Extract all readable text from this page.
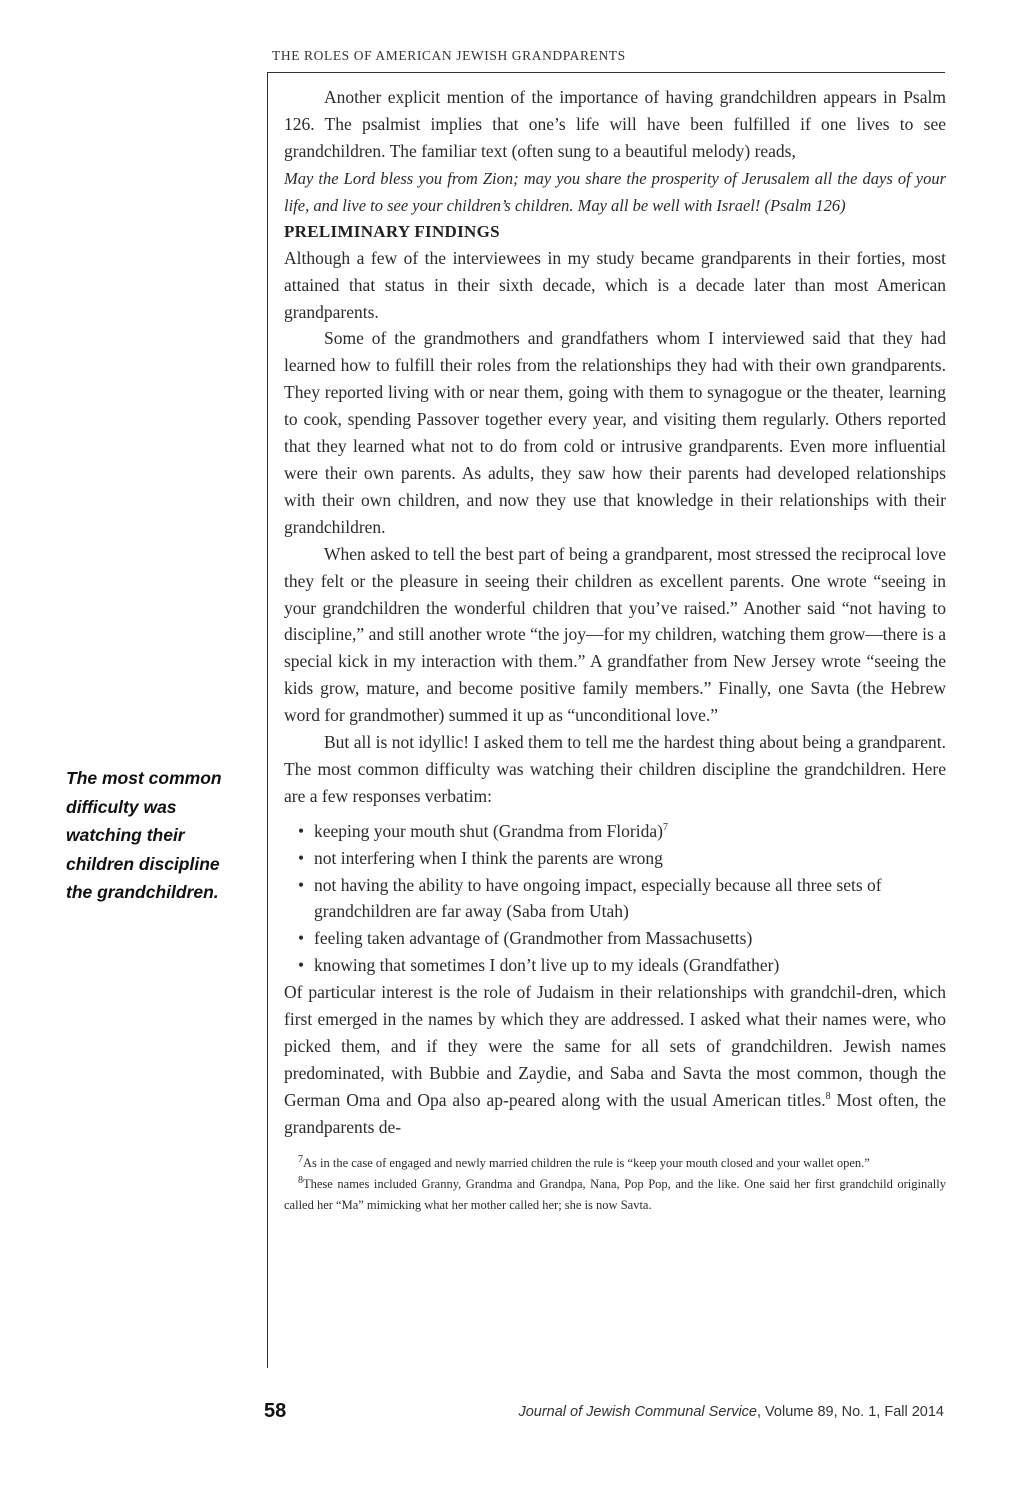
THE ROLES OF AMERICAN JEWISH GRANDPARENTS
The most common difficulty was watching their children discipline the grandchildren.

Another explicit mention of the importance of having grandchildren appears in Psalm 126. The psalmist implies that one’s life will have been fulfilled if one lives to see grandchildren. The familiar text (often sung to a beautiful melody) reads,

May the Lord bless you from Zion; may you share the prosperity of Jerusalem all the days of your life, and live to see your children’s children. May all be well with Israel! (Psalm 126)

PRELIMINARY FINDINGS

Although a few of the interviewees in my study became grandparents in their forties, most attained that status in their sixth decade, which is a decade later than most American grandparents.

Some of the grandmothers and grandfathers whom I interviewed said that they had learned how to fulfill their roles from the relationships they had with their own grandparents. They reported living with or near them, going with them to synagogue or the theater, learning to cook, spending Passover together every year, and visiting them regularly. Others reported that they learned what not to do from cold or intrusive grandparents. Even more influential were their own parents. As adults, they saw how their parents had developed relationships with their own children, and now they use that knowledge in their relationships with their grandchildren.

When asked to tell the best part of being a grandparent, most stressed the reciprocal love they felt or the pleasure in seeing their children as excellent parents. One wrote “seeing in your grandchildren the wonderful children that you’ve raised.” Another said “not having to discipline,” and still another wrote “the joy—for my children, watching them grow—there is a special kick in my interaction with them.” A grandfather from New Jersey wrote “seeing the kids grow, mature, and become positive family members.” Finally, one Savta (the Hebrew word for grandmother) summed it up as “unconditional love.”

But all is not idyllic! I asked them to tell me the hardest thing about being a grandparent. The most common difficulty was watching their children discipline the grandchildren. Here are a few responses verbatim:

• keeping your mouth shut (Grandma from Florida)$^7$
• not interfering when I think the parents are wrong
• not having the ability to have ongoing impact, especially because all three sets of grandchildren are far away (Saba from Utah)
• feeling taken advantage of (Grandmother from Massachusetts)
• knowing that sometimes I don’t live up to my ideals (Grandfather)

Of particular interest is the role of Judaism in their relationships with grandchil-dren, which first emerged in the names by which they are addressed. I asked what their names were, who picked them, and if they were the same for all sets of grandchildren. Jewish names predominated, with Bubbie and Zaydie, and Saba and Savta the most common, though the German Oma and Opa also ap-peared along with the usual American titles.$^8$ Most often, the grandparents de-

$^7$As in the case of engaged and newly married children the rule is “keep your mouth closed and your wallet open.”

$^8$These names included Granny, Grandma and Grandpa, Nana, Pop Pop, and the like. One said her first grandchild originally called her “Ma” mimicking what her mother called her; she is now Savta.

58	Journal of Jewish Communal Service, Volume 89, No. 1, Fall 2014
